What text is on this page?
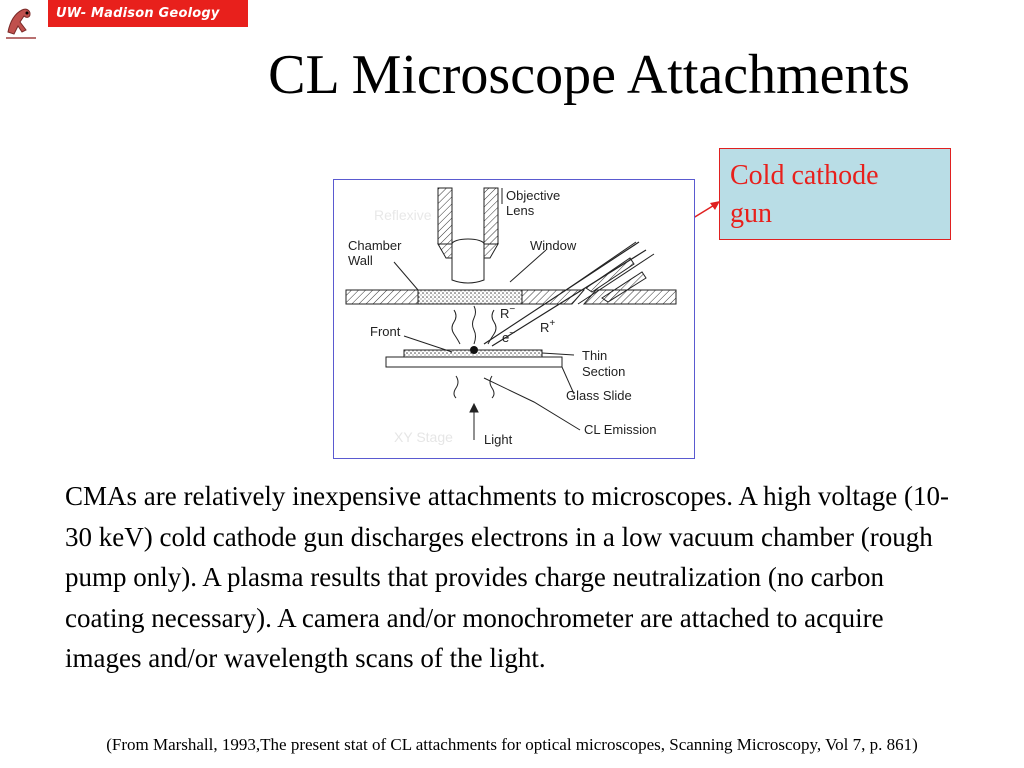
UW- Madison Geology 777
CL Microscope Attachments
Cold cathode
gun
Reflexive
XY Stage
Objective
Lens
Chamber
Wall
Window
Front
R−
R+
e−
Thin
Section
Glass Slide
CL Emission
Light
CMAs are relatively inexpensive attachments to microscopes. A high voltage (10-30 keV) cold cathode gun discharges electrons in a low vacuum chamber (rough pump only). A plasma results that provides charge neutralization (no carbon coating necessary). A camera and/or monochrometer are attached to acquire images and/or wavelength scans of the light.
(From Marshall, 1993,The present stat of CL attachments for optical microscopes, Scanning Microscopy, Vol 7, p. 861)
